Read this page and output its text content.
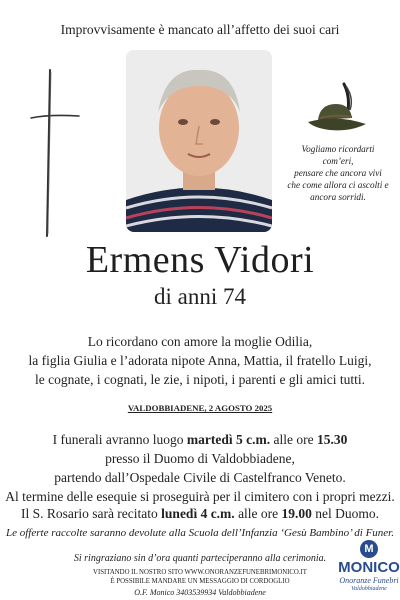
Improvvisamente è mancato all’affetto dei suoi cari
Vogliamo ricordarti com’eri,
pensare che ancora vivi
che come allora ci ascolti e
ancora sorridi.
Ermens Vidori
di anni 74
Lo ricordano con amore la moglie Odilia,
la figlia Giulia e l’adorata nipote Anna, Mattia, il fratello Luigi,
le cognate, i cognati, le zie, i nipoti, i parenti e gli amici tutti.
VALDOBBIADENE, 2 AGOSTO 2025
I funerali avranno luogo martedì 5 c.m. alle ore 15.30
presso il Duomo di Valdobbiadene,
partendo dall’Ospedale Civile di Castelfranco Veneto.
Al termine delle esequie si proseguirà per il cimitero con i propri mezzi.
Il S. Rosario sarà recitato lunedì 4 c.m. alle ore 19.00 nel Duomo.
Le offerte raccolte saranno devolute alla Scuola dell’Infanzia ‘Gesù Bambino’ di Funer.
Si ringraziano sin d’ora quanti parteciperanno alla cerimonia.
VISITANDO IL NOSTRO SITO WWW.ONORANZEFUNEBRIMONICO.IT
È POSSIBILE MANDARE UN MESSAGGIO DI CORDOGLIO
O.F. Monico 3403539934 Valdobbiadene
M
MONICO
Onoranze Funebri
Valdobbiadene
